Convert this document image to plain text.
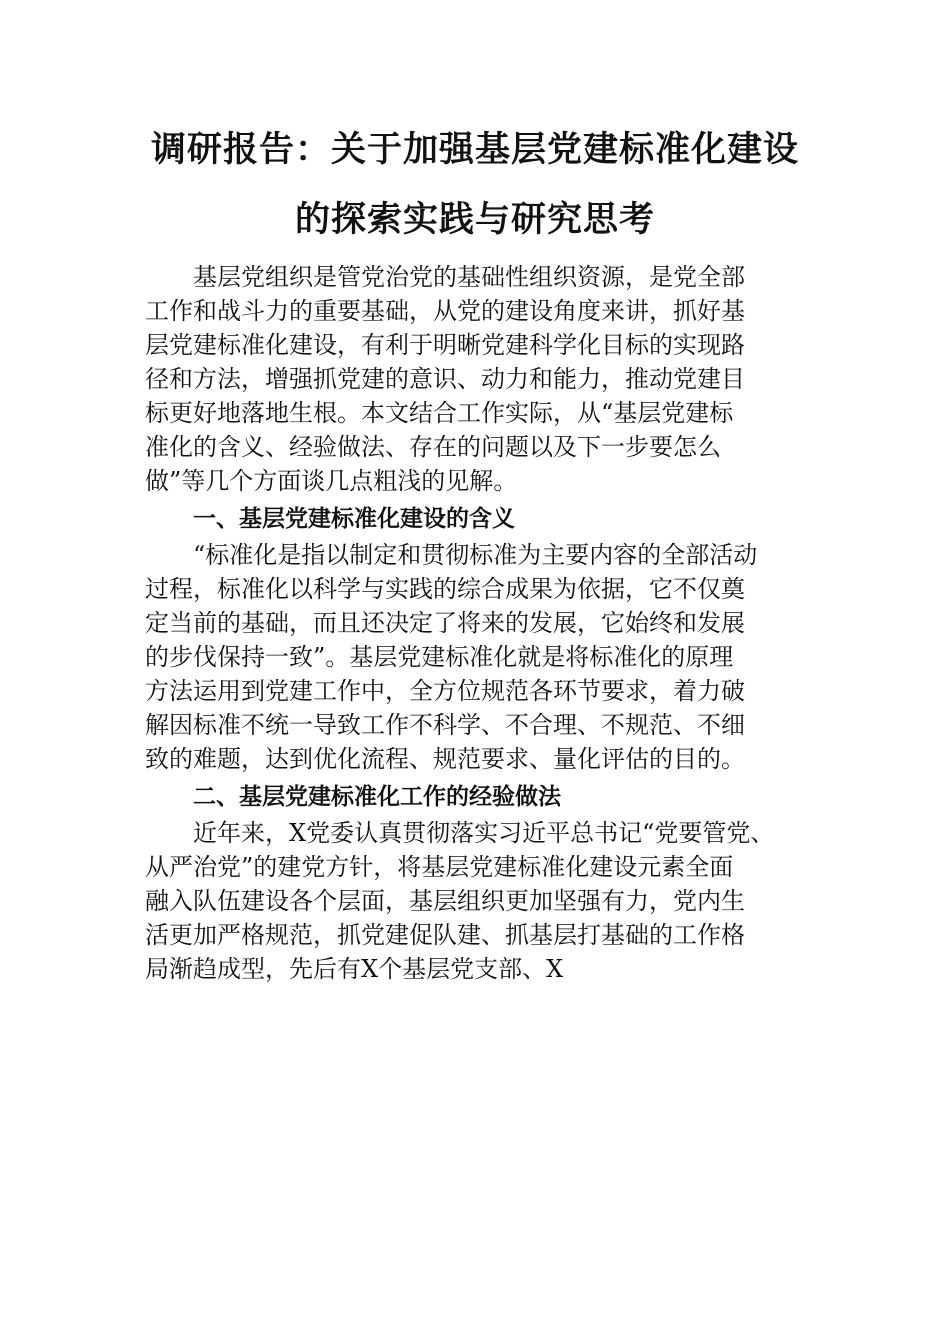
调研报告：关于加强基层党建标准化建设
的探索实践与研究思考
　　基层党组织是管党治党的基础性组织资源，是党全部
工作和战斗力的重要基础，从党的建设角度来讲，抓好基
层党建标准化建设，有利于明晰党建科学化目标的实现路
径和方法，增强抓党建的意识、动力和能力，推动党建目
标更好地落地生根。本文结合工作实际，从“基层党建标
准化的含义、经验做法、存在的问题以及下一步要怎么
做”等几个方面谈几点粗浅的见解。
一、基层党建标准化建设的含义
　　“标准化是指以制定和贯彻标准为主要内容的全部活动
过程，标准化以科学与实践的综合成果为依据，它不仅奠
定当前的基础，而且还决定了将来的发展，它始终和发展
的步伐保持一致”。基层党建标准化就是将标准化的原理
方法运用到党建工作中，全方位规范各环节要求，着力破
解因标准不统一导致工作不科学、不合理、不规范、不细
致的难题，达到优化流程、规范要求、量化评估的目的。
二、基层党建标准化工作的经验做法
　　近年来，X党委认真贯彻落实习近平总书记“党要管党、
从严治党”的建党方针，将基层党建标准化建设元素全面
融入队伍建设各个层面，基层组织更加坚强有力，党内生
活更加严格规范，抓党建促队建、抓基层打基础的工作格
局渐趋成型，先后有X个基层党支部、X
